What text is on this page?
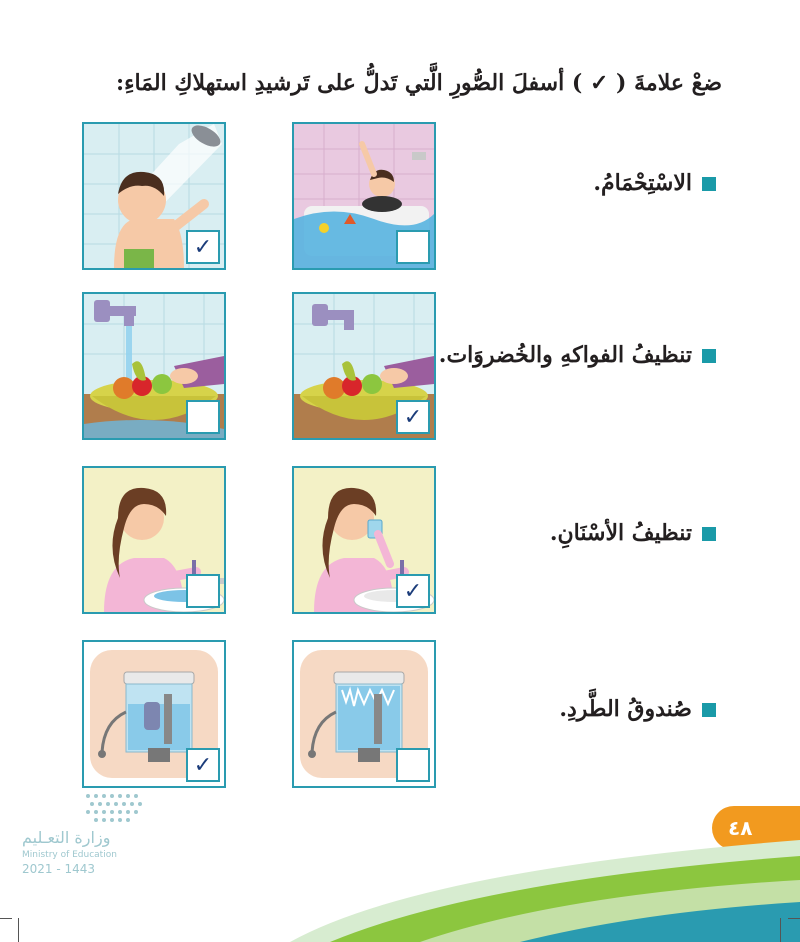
ضعْ علامةَ ( ✓ ) أسفلَ الصُّورِ الَّتي تَدلُّ على تَرشيدِ استهلاكِ المَاءِ:
✓
الاسْتِحْمَامُ.
✓
تنظيفُ الفواكهِ والخُضروَات.
✓
تنظيفُ الأسْنَانِ.
✓
صُندوقُ الطَّردِ.
وزارة التعـليم
Ministry of Education
2021 - 1443
٤٨
